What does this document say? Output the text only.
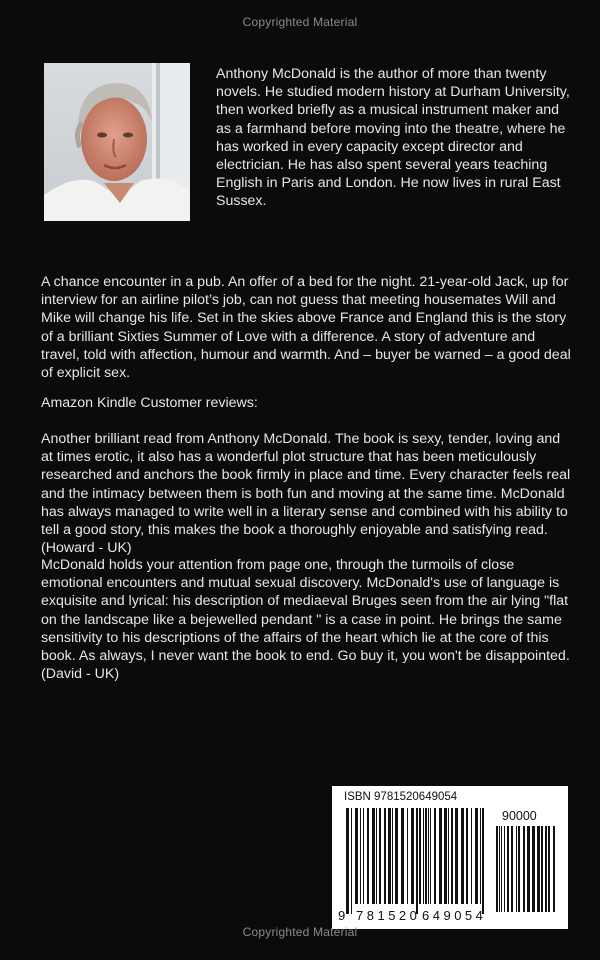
Copyrighted Material
Anthony McDonald is the author of more than twenty novels. He studied modern history at Durham University, then worked briefly as a musical instrument maker and as a farmhand before moving into the theatre, where he has worked in every capacity except director and electrician. He has also spent several years teaching English in Paris and London. He now lives in rural East Sussex.
A chance encounter in a pub. An offer of a bed for the night. 21-year-old Jack, up for interview for an airline pilot’s job, can not guess that meeting housemates Will and Mike will change his life. Set in the skies above France and England this is the story of a brilliant Sixties Summer of Love with a difference. A story of adventure and travel, told with affection, humour and warmth. And – buyer be warned – a good deal of explicit sex.
Amazon Kindle Customer reviews:
Another brilliant read from Anthony McDonald. The book is sexy, tender, loving and at times erotic, it also has a wonderful plot structure that has been meticulously researched and anchors the book firmly in place and time. Every character feels real and the intimacy between them is both fun and moving at the same time. McDonald has always managed to write well in a literary sense and combined with his ability to tell a good story, this makes the book a thoroughly enjoyable and satisfying read. (Howard - UK)
McDonald holds your attention from page one, through the turmoils of close emotional encounters and mutual sexual discovery. McDonald's use of language is exquisite and lyrical: his description of mediaeval Bruges seen from the air lying "flat on the landscape like a bejewelled pendant " is a case in point. He brings the same sensitivity to his descriptions of the affairs of the heart which lie at the core of this book. As always, I never want the book to end. Go buy it, you won't be disappointed. (David - UK)
ISBN 9781520649054
90000
9 781520 649054
Copyrighted Material
